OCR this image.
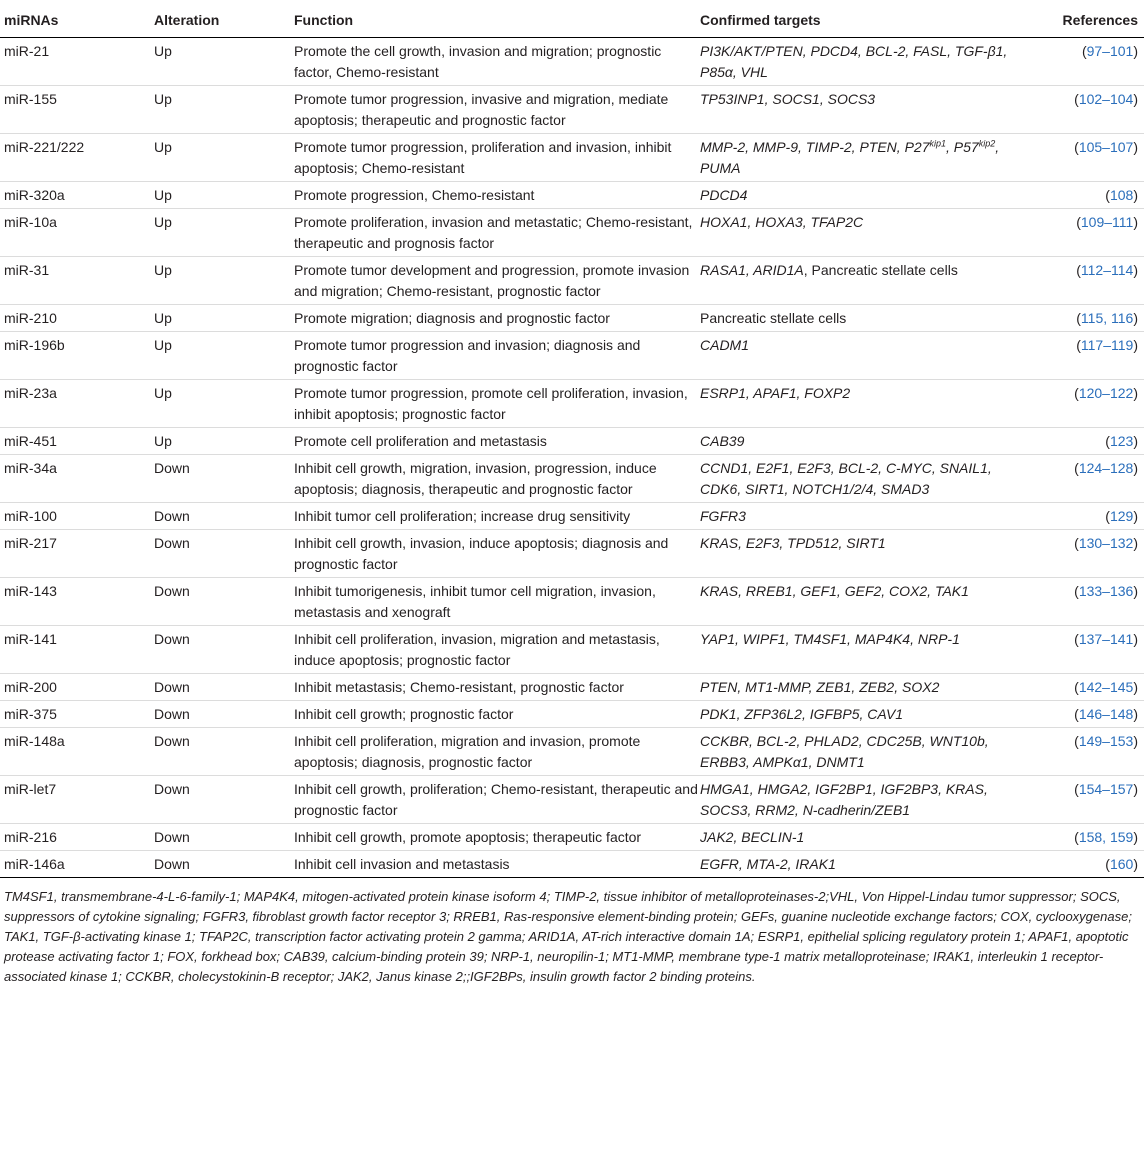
miRNAs	Alteration	Function	Confirmed targets	References
miR-21	Up	Promote the cell growth, invasion and migration; prognostic factor, Chemo-resistant	PI3K/AKT/PTEN, PDCD4, BCL-2, FASL, TGF-β1, P85α, VHL	(97–101)
miR-155	Up	Promote tumor progression, invasive and migration, mediate apoptosis; therapeutic and prognostic factor	TP53INP1, SOCS1, SOCS3	(102–104)
miR-221/222	Up	Promote tumor progression, proliferation and invasion, inhibit apoptosis; Chemo-resistant	MMP-2, MMP-9, TIMP-2, PTEN, $P27^{kip1}$, $P57^{kip2}$, PUMA	(105–107)
miR-320a	Up	Promote progression, Chemo-resistant	PDCD4	(108)
miR-10a	Up	Promote proliferation, invasion and metastatic; Chemo-resistant, therapeutic and prognosis factor	HOXA1, HOXA3, TFAP2C	(109–111)
miR-31	Up	Promote tumor development and progression, promote invasion and migration; Chemo-resistant, prognostic factor	RASA1, ARID1A, Pancreatic stellate cells	(112–114)
miR-210	Up	Promote migration; diagnosis and prognostic factor	Pancreatic stellate cells	(115, 116)
miR-196b	Up	Promote tumor progression and invasion; diagnosis and prognostic factor	CADM1	(117–119)
miR-23a	Up	Promote tumor progression, promote cell proliferation, invasion, inhibit apoptosis; prognostic factor	ESRP1, APAF1, FOXP2	(120–122)
miR-451	Up	Promote cell proliferation and metastasis	CAB39	(123)
miR-34a	Down	Inhibit cell growth, migration, invasion, progression, induce apoptosis; diagnosis, therapeutic and prognostic factor	CCND1, E2F1, E2F3, BCL-2, C-MYC, SNAIL1, CDK6, SIRT1, NOTCH1/2/4, SMAD3	(124–128)
miR-100	Down	Inhibit tumor cell proliferation; increase drug sensitivity	FGFR3	(129)
miR-217	Down	Inhibit cell growth, invasion, induce apoptosis; diagnosis and prognostic factor	KRAS, E2F3, TPD512, SIRT1	(130–132)
miR-143	Down	Inhibit tumorigenesis, inhibit tumor cell migration, invasion, metastasis and xenograft	KRAS, RREB1, GEF1, GEF2, COX2, TAK1	(133–136)
miR-141	Down	Inhibit cell proliferation, invasion, migration and metastasis, induce apoptosis; prognostic factor	YAP1, WIPF1, TM4SF1, MAP4K4, NRP-1	(137–141)
miR-200	Down	Inhibit metastasis; Chemo-resistant, prognostic factor	PTEN, MT1-MMP, ZEB1, ZEB2, SOX2	(142–145)
miR-375	Down	Inhibit cell growth; prognostic factor	PDK1, ZFP36L2, IGFBP5, CAV1	(146–148)
miR-148a	Down	Inhibit cell proliferation, migration and invasion, promote apoptosis; diagnosis, prognostic factor	CCKBR, BCL-2, PHLAD2, CDC25B, WNT10b, ERBB3, AMPKα1, DNMT1	(149–153)
miR-let7	Down	Inhibit cell growth, proliferation; Chemo-resistant, therapeutic and prognostic factor	HMGA1, HMGA2, IGF2BP1, IGF2BP3, KRAS, SOCS3, RRM2, N-cadherin/ZEB1	(154–157)
miR-216	Down	Inhibit cell growth, promote apoptosis; therapeutic factor	JAK2, BECLIN-1	(158, 159)
miR-146a	Down	Inhibit cell invasion and metastasis	EGFR, MTA-2, IRAK1	(160)

TM4SF1, transmembrane-4-L-6-family-1; MAP4K4, mitogen-activated protein kinase isoform 4; TIMP-2, tissue inhibitor of metalloproteinases-2;VHL, Von Hippel-Lindau tumor suppressor; SOCS, suppressors of cytokine signaling; FGFR3, fibroblast growth factor receptor 3; RREB1, Ras-responsive element-binding protein; GEFs, guanine nucleotide exchange factors; COX, cyclooxygenase; TAK1, TGF-β-activating kinase 1; TFAP2C, transcription factor activating protein 2 gamma; ARID1A, AT-rich interactive domain 1A; ESRP1, epithelial splicing regulatory protein 1; APAF1, apoptotic protease activating factor 1; FOX, forkhead box; CAB39, calcium-binding protein 39; NRP-1, neuropilin-1; MT1-MMP, membrane type-1 matrix metalloproteinase; IRAK1, interleukin 1 receptor-associated kinase 1; CCKBR, cholecystokinin-B receptor; JAK2, Janus kinase 2;;IGF2BPs, insulin growth factor 2 binding proteins.
